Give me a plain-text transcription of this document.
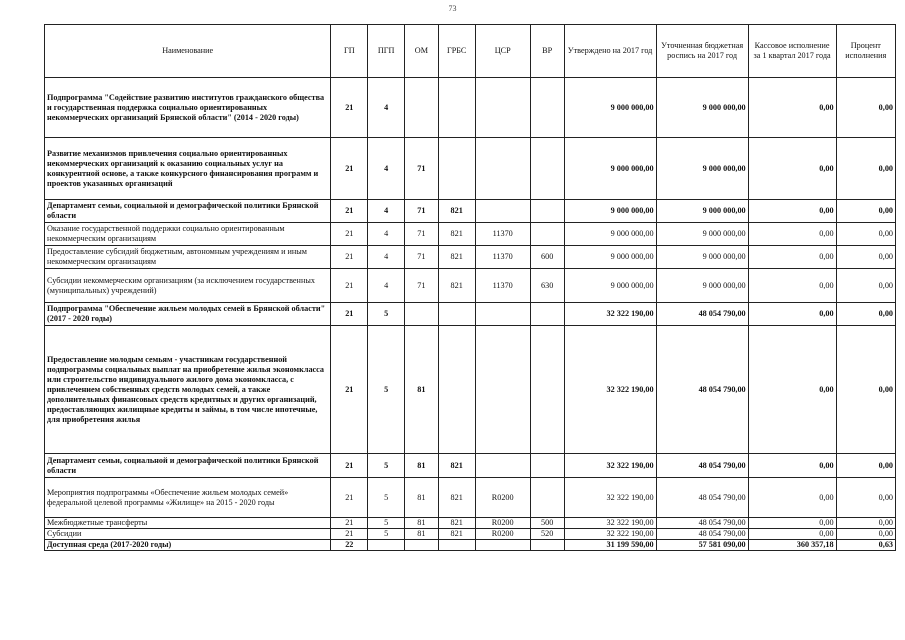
73
Наименование	ГП	ПГП	ОМ	ГРБС	ЦСР	ВР	Утверждено на 2017 год	Уточненная бюджетная роспись на 2017 год	Кассовое исполнение за 1 квартал 2017 года	Процент исполнения
Подпрограмма "Содействие развитию институтов гражданского общества и государственная поддержка социально ориентированных некоммерческих организаций Брянской области" (2014 - 2020 годы)	21	4					9 000 000,00	9 000 000,00	0,00	0,00
Развитие механизмов привлечения социально ориентированных некоммерческих организаций к оказанию социальных услуг на конкурентной основе, а также конкурсного финансирования программ и проектов указанных организаций	21	4	71				9 000 000,00	9 000 000,00	0,00	0,00
Департамент семьи, социальной и демографической политики Брянской области	21	4	71	821			9 000 000,00	9 000 000,00	0,00	0,00
Оказание государственной поддержки социально ориентированным некоммерческим организациям	21	4	71	821	11370		9 000 000,00	9 000 000,00	0,00	0,00
Предоставление субсидий бюджетным, автономным учреждениям и иным некоммерческим организациям	21	4	71	821	11370	600	9 000 000,00	9 000 000,00	0,00	0,00
Субсидии некоммерческим организациям (за исключением государственных (муниципальных) учреждений)	21	4	71	821	11370	630	9 000 000,00	9 000 000,00	0,00	0,00
Подпрограмма "Обеспечение жильем молодых семей в Брянской области" (2017 - 2020 годы)	21	5					32 322 190,00	48 054 790,00	0,00	0,00
Предоставление молодым семьям - участникам государственной подпрограммы социальных выплат на приобретение жилья экономкласса или строительство индивидуального жилого дома экономкласса, с привлечением собственных средств молодых семей, а также дополнительных финансовых средств кредитных и других организаций, предоставляющих жилищные кредиты и займы, в том числе ипотечные, для приобретения жилья	21	5	81				32 322 190,00	48 054 790,00	0,00	0,00
Департамент семьи, социальной и демографической политики Брянской области	21	5	81	821			32 322 190,00	48 054 790,00	0,00	0,00
Мероприятия подпрограммы «Обеспечение жильем молодых семей» федеральной целевой программы «Жилище» на 2015 - 2020 годы	21	5	81	821	R0200		32 322 190,00	48 054 790,00	0,00	0,00
Межбюджетные трансферты	21	5	81	821	R0200	500	32 322 190,00	48 054 790,00	0,00	0,00
Субсидии	21	5	81	821	R0200	520	32 322 190,00	48 054 790,00	0,00	0,00
Доступная среда (2017-2020 годы)	22						31 199 590,00	57 581 090,00	360 357,18	0,63
